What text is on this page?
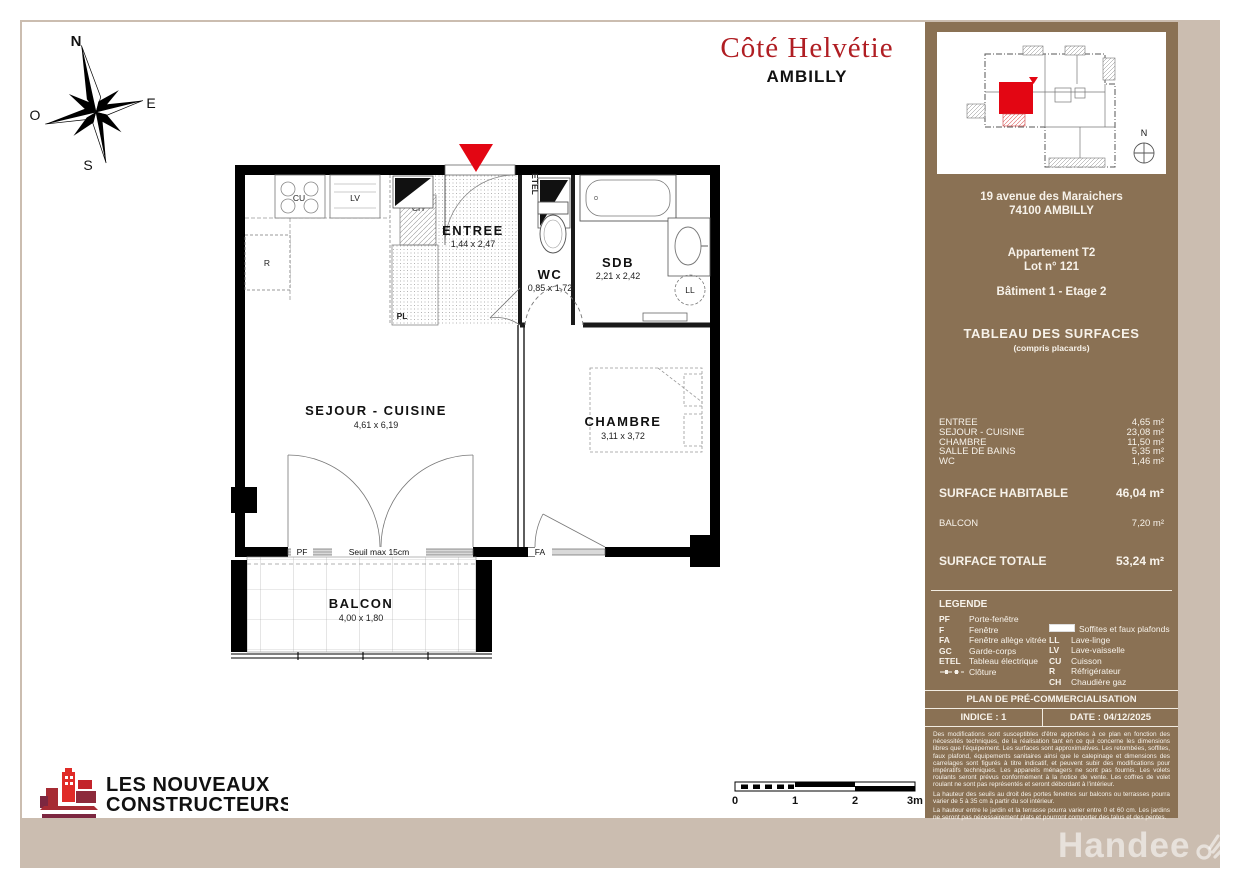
N
E
O
S
Côté Helvétie
AMBILLY
CU	LV
R
PL
ETEL
LL
PF	Seuil max 15cm	FA
ENTREE
1,44 x 2,47
WC
0,85 x 1,72
SDB
2,21 x 2,42
SEJOUR - CUISINE
4,61 x 6,19	CHAMBRE
3,11 x 3,72
BALCON
4,00 x 1,80
N
19 avenue des Maraichers
74100 AMBILLY
Appartement T2
Lot n° 121
Bâtiment 1 - Etage 2
TABLEAU DES SURFACES
(compris placards)
ENTREE	4,65 m²
SEJOUR - CUISINE	23,08 m²
CHAMBRE	11,50 m²
SALLE DE BAINS	5,35 m²
WC	1,46 m²
SURFACE HABITABLE	46,04 m²
BALCON	7,20 m²
SURFACE TOTALE	53,24 m²
LEGENDE
PF	Porte-fenêtre
F	Fenêtre
FA	Fenêtre allège vitrée
GC	Garde-corps
ETEL Tableau électrique
Clôture
Soffites et faux plafonds
LL	Lave-linge
LV	Lave-vaisselle
CU	Cuisson
R	Réfrigérateur
CH	Chaudière gaz
PLAN DE PRÉ-COMMERCIALISATION
INDICE : 1	DATE : 04/12/2025

Des modifications sont susceptibles d'être apportées à ce plan en fonction des nécessités techniques, de la réalisation tant en ce qui concerne les dimensions libres que l'équipement. Les surfaces sont approximatives. Les retombées, soffites, faux plafond, équipements sanitaires ainsi que le calepinage et dimensions des carrelages sont figurés à titre indicatif, et peuvent subir des modifications pour impératifs techniques. Les appareils ménagers ne sont pas fournis. Les volets roulants seront prévus conformément à la notice de vente. Les coffres de volet roulant ne sont pas représentés et seront débordant à l'intérieur.

La hauteur des seuils au droit des portes fenetres sur balcons ou terrasses pourra varier de 5 à 35 cm à partir du sol intérieur.

La hauteur entre le jardin et la terrasse pourra varier entre 0 et 60 cm. Les jardins ne seront pas nécessairement plats et pourront comporter des talus et des pentes.

LES NOUVEAUX
CONSTRUCTEURS	0	1	2	3m
Handee
